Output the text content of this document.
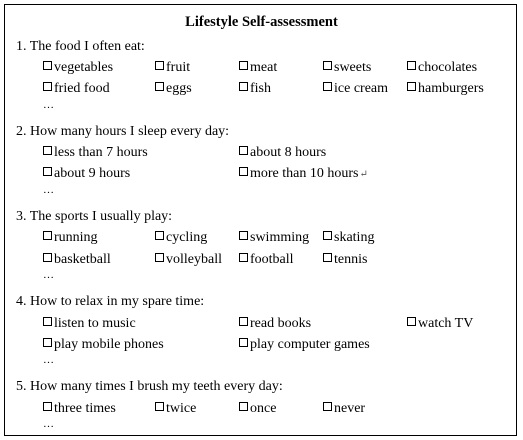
Lifestyle Self-assessment
1. The food I often eat:
vegetables	fruit	meat	sweets	chocolates
fried food	eggs	fish	ice cream	hamburgers
…
2. How many hours I sleep every day:
less than 7 hours	about 8 hours
about 9 hours	more than 10 hours↵
…
3. The sports I usually play:
running	cycling	swimming	skating
basketball	volleyball	football	tennis
…
4. How to relax in my spare time:
listen to music	read books	watch TV
play mobile phones	play computer games
…
5. How many times I brush my teeth every day:
three times	twice	once	never
…
